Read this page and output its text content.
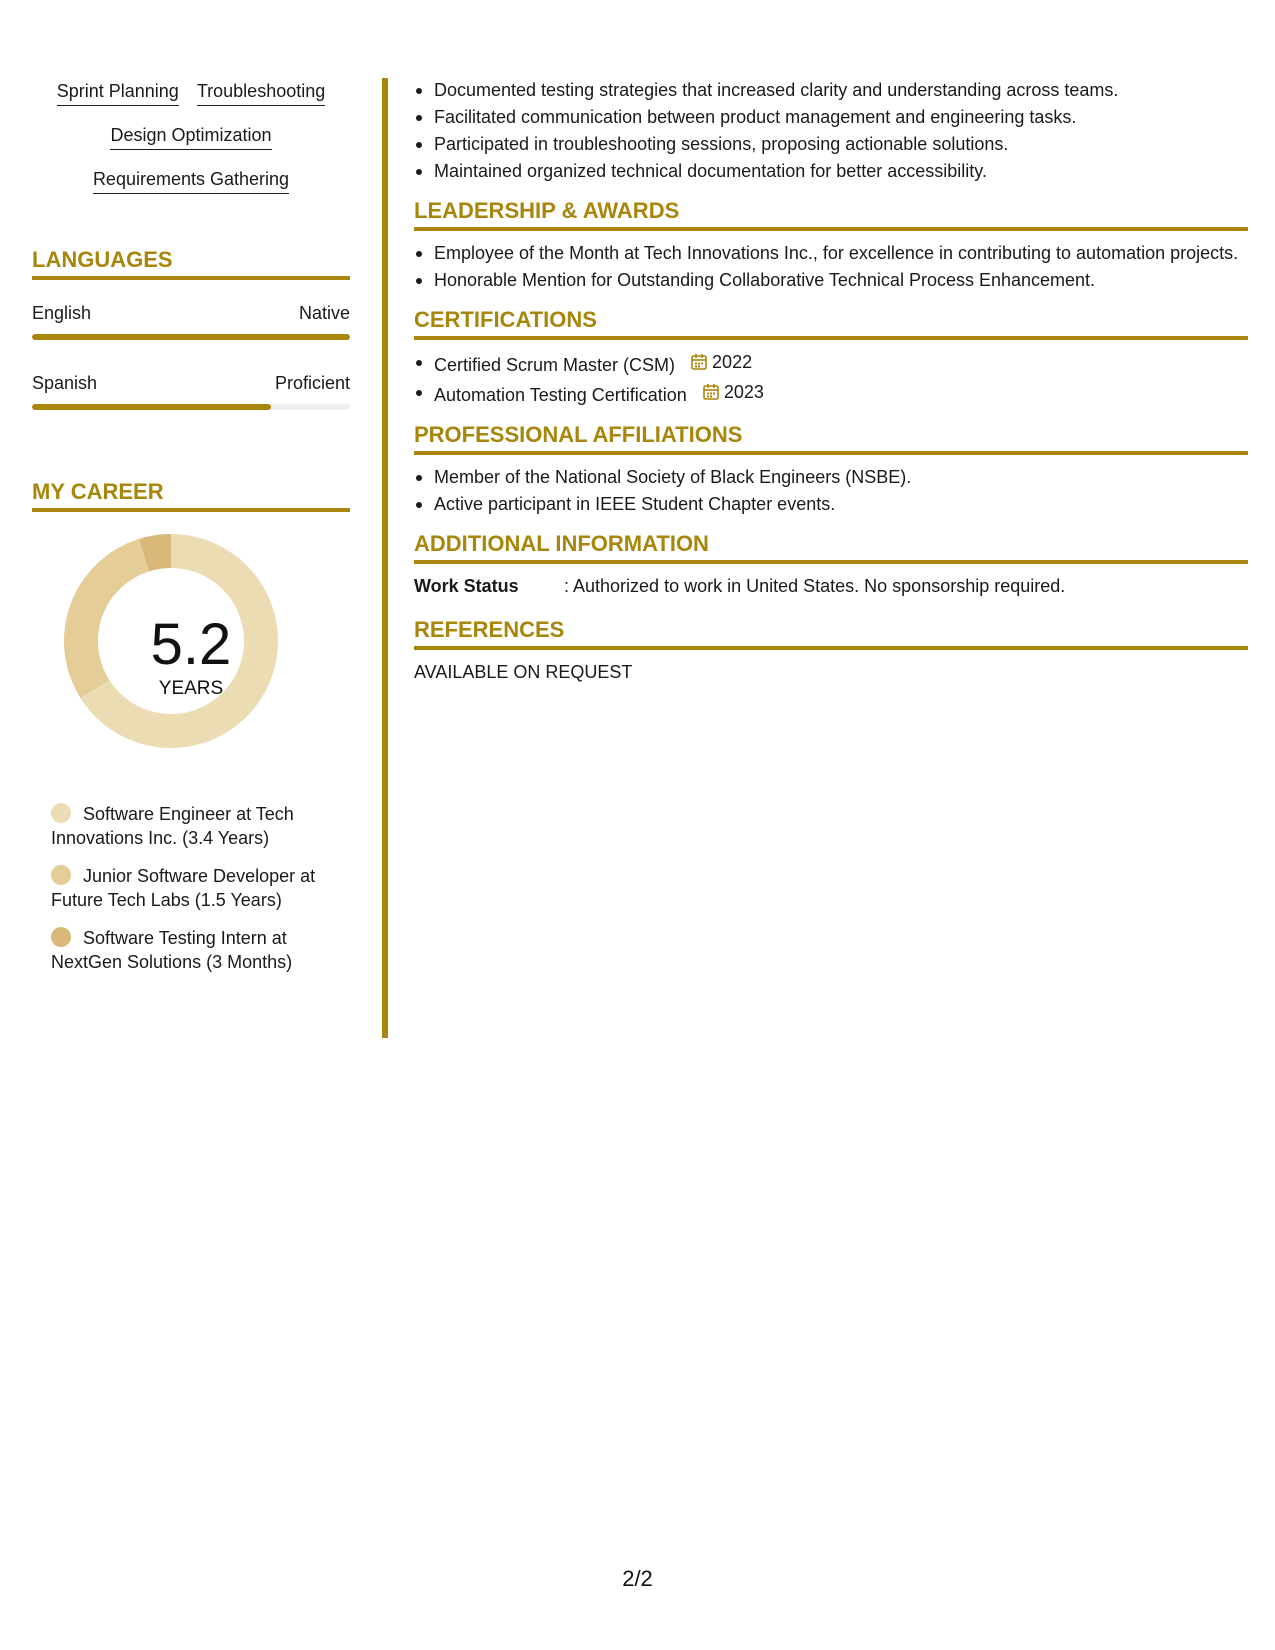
Sprint Planning Troubleshooting
Design Optimization
Requirements Gathering
LANGUAGES
English	Native
Spanish	Proficient
MY CAREER
5.2
YEARS
Software Engineer at Tech Innovations Inc. (3.4 Years)
Junior Software Developer at Future Tech Labs (1.5 Years)
Software Testing Intern at NextGen Solutions (3 Months)
Documented testing strategies that increased clarity and understanding across teams.
Facilitated communication between product management and engineering tasks.
Participated in troubleshooting sessions, proposing actionable solutions.
Maintained organized technical documentation for better accessibility.
LEADERSHIP & AWARDS
Employee of the Month at Tech Innovations Inc., for excellence in contributing to automation projects.
Honorable Mention for Outstanding Collaborative Technical Process Enhancement.
CERTIFICATIONS
Certified Scrum Master (CSM) 2022
Automation Testing Certification 2023
PROFESSIONAL AFFILIATIONS
Member of the National Society of Black Engineers (NSBE).
Active participant in IEEE Student Chapter events.
ADDITIONAL INFORMATION
Work Status	: Authorized to work in United States. No sponsorship required.
REFERENCES
AVAILABLE ON REQUEST
2/2
